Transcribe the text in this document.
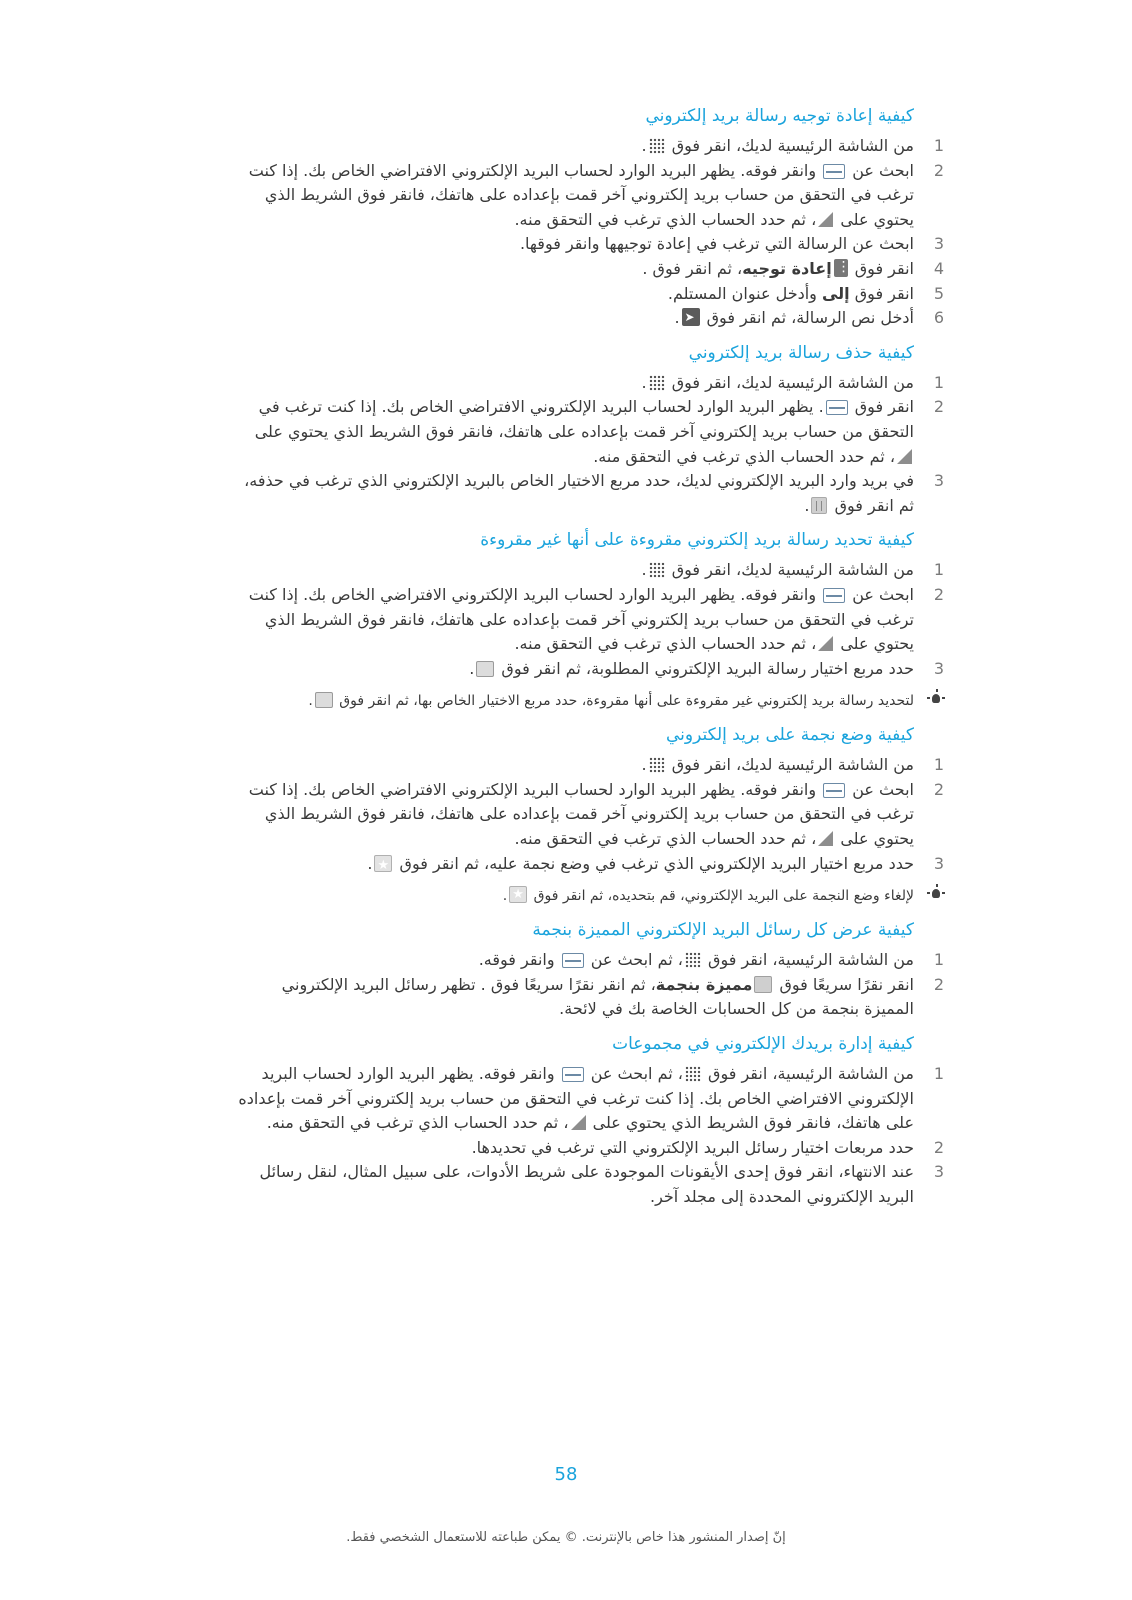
كيفية إعادة توجيه رسالة بريد إلكتروني
1
من الشاشة الرئيسية لديك، انقر فوق .
2
ابحث عن  وانقر فوقه. يظهر البريد الوارد لحساب البريد الإلكتروني الافتراضي الخاص بك. إذا كنت ترغب في التحقق من حساب بريد إلكتروني آخر قمت بإعداده على هاتفك، فانقر فوق الشريط الذي يحتوي على ، ثم حدد الحساب الذي ترغب في التحقق منه.
3
ابحث عن الرسالة التي ترغب في إعادة توجيهها وانقر فوقها.
4
انقر فوق ⋮إعادة توجيه، ثم انقر فوق .
5
انقر فوق إلى وأدخل عنوان المستلم.
6
أدخل نص الرسالة، ثم انقر فوق ➤.
كيفية حذف رسالة بريد إلكتروني
1
من الشاشة الرئيسية لديك، انقر فوق .
2
انقر فوق . يظهر البريد الوارد لحساب البريد الإلكتروني الافتراضي الخاص بك. إذا كنت ترغب في التحقق من حساب بريد إلكتروني آخر قمت بإعداده على هاتفك، فانقر فوق الشريط الذي يحتوي على ، ثم حدد الحساب الذي ترغب في التحقق منه.
3
في بريد وارد البريد الإلكتروني لديك، حدد مربع الاختيار الخاص بالبريد الإلكتروني الذي ترغب في حذفه، ثم انقر فوق .
كيفية تحديد رسالة بريد إلكتروني مقروءة على أنها غير مقروءة
1
من الشاشة الرئيسية لديك، انقر فوق .
2
ابحث عن  وانقر فوقه. يظهر البريد الوارد لحساب البريد الإلكتروني الافتراضي الخاص بك. إذا كنت ترغب في التحقق من حساب بريد إلكتروني آخر قمت بإعداده على هاتفك، فانقر فوق الشريط الذي يحتوي على ، ثم حدد الحساب الذي ترغب في التحقق منه.
3
حدد مربع اختيار رسالة البريد الإلكتروني المطلوبة، ثم انقر فوق .
لتحديد رسالة بريد إلكتروني غير مقروءة على أنها مقروءة، حدد مربع الاختيار الخاص بها، ثم انقر فوق .
كيفية وضع نجمة على بريد إلكتروني
1
من الشاشة الرئيسية لديك، انقر فوق .
2
ابحث عن  وانقر فوقه. يظهر البريد الوارد لحساب البريد الإلكتروني الافتراضي الخاص بك. إذا كنت ترغب في التحقق من حساب بريد إلكتروني آخر قمت بإعداده على هاتفك، فانقر فوق الشريط الذي يحتوي على ، ثم حدد الحساب الذي ترغب في التحقق منه.
3
حدد مربع اختيار البريد الإلكتروني الذي ترغب في وضع نجمة عليه، ثم انقر فوق ★.
لإلغاء وضع النجمة على البريد الإلكتروني، قم بتحديده، ثم انقر فوق ★.
كيفية عرض كل رسائل البريد الإلكتروني المميزة بنجمة
1
من الشاشة الرئيسية، انقر فوق ، ثم ابحث عن  وانقر فوقه.
2
انقر نقرًا سريعًا فوق مميزة بنجمة، ثم انقر نقرًا سريعًا فوق . تظهر رسائل البريد الإلكتروني المميزة بنجمة من كل الحسابات الخاصة بك في لائحة.
كيفية إدارة بريدك الإلكتروني في مجموعات
1
من الشاشة الرئيسية، انقر فوق ، ثم ابحث عن  وانقر فوقه. يظهر البريد الوارد لحساب البريد الإلكتروني الافتراضي الخاص بك. إذا كنت ترغب في التحقق من حساب بريد إلكتروني آخر قمت بإعداده على هاتفك، فانقر فوق الشريط الذي يحتوي على ، ثم حدد الحساب الذي ترغب في التحقق منه.
2
حدد مربعات اختيار رسائل البريد الإلكتروني التي ترغب في تحديدها.
3
عند الانتهاء، انقر فوق إحدى الأيقونات الموجودة على شريط الأدوات، على سبيل المثال، لنقل رسائل البريد الإلكتروني المحددة إلى مجلد آخر.
58
إنّ إصدار المنشور هذا خاص بالإنترنت. © يمكن طباعته للاستعمال الشخصي فقط.
